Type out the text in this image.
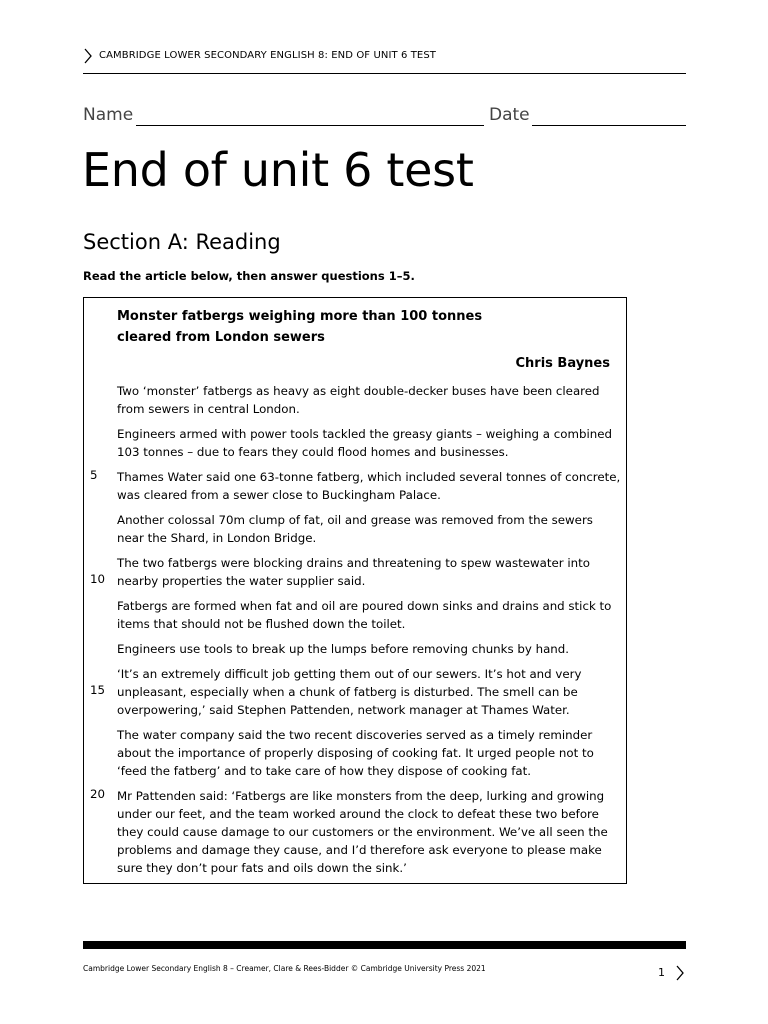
CAMBRIDGE LOWER SECONDARY ENGLISH 8: END OF UNIT 6 TEST
Name	Date
End of unit 6 test
Section A: Reading
Read the article below, then answer questions 1–5.
Monster fatbergs weighing more than 100 tonnes cleared from London sewers
Chris Baynes
Two ‘monster’ fatbergs as heavy as eight double-decker buses have been cleared from sewers in central London.
Engineers armed with power tools tackled the greasy giants – weighing a combined 103 tonnes – due to fears they could flood homes and businesses.
Thames Water said one 63-tonne fatberg, which included several tonnes of concrete, was cleared from a sewer close to Buckingham Palace.
Another colossal 70m clump of fat, oil and grease was removed from the sewers near the Shard, in London Bridge.
The two fatbergs were blocking drains and threatening to spew wastewater into nearby properties the water supplier said.
Fatbergs are formed when fat and oil are poured down sinks and drains and stick to items that should not be flushed down the toilet.
Engineers use tools to break up the lumps before removing chunks by hand.
‘It’s an extremely difficult job getting them out of our sewers. It’s hot and very unpleasant, especially when a chunk of fatberg is disturbed. The smell can be overpowering,’ said Stephen Pattenden, network manager at Thames Water.
The water company said the two recent discoveries served as a timely reminder about the importance of properly disposing of cooking fat. It urged people not to ‘feed the fatberg’ and to take care of how they dispose of cooking fat.
Mr Pattenden said: ‘Fatbergs are like monsters from the deep, lurking and growing under our feet, and the team worked around the clock to defeat these two before they could cause damage to our customers or the environment. We’ve all seen the problems and damage they cause, and I’d therefore ask everyone to please make sure they don’t pour fats and oils down the sink.’
5
10
15
20
Cambridge Lower Secondary English 8 – Creamer, Clare & Rees-Bidder © Cambridge University Press 2021	1
